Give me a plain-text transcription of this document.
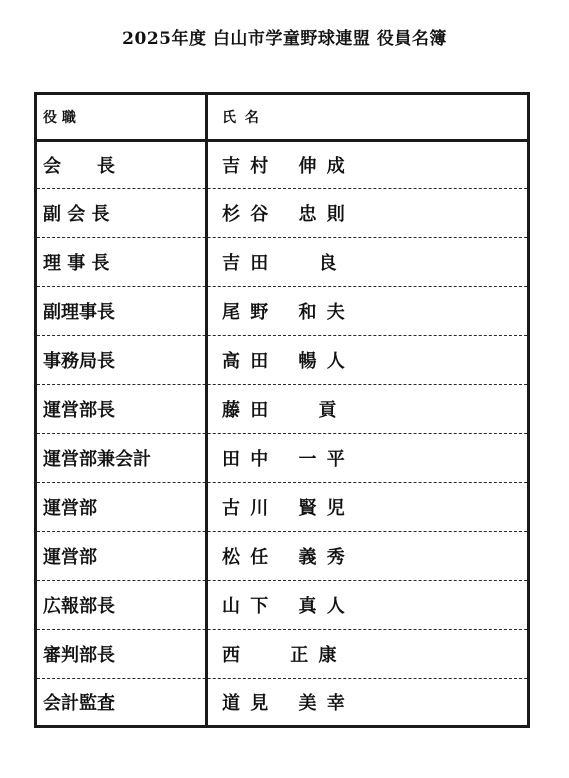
2025年度 白山市学童野球連盟 役員名簿
役 職	氏 名
会　　長	吉 村　 伸 成
副 会 長	杉 谷　 忠 則
理 事 長	吉 田　　 良
副理事長	尾 野　 和 夫
事務局長	高 田　 暢 人
運営部長	藤 田　　 貢
運営部兼会計	田 中　 一 平
運営部	古 川　 賢 児
運営部	松 任　 義 秀
広報部長	山 下　 真 人
審判部長	西　　 正 康
会計監査	道 見　 美 幸
